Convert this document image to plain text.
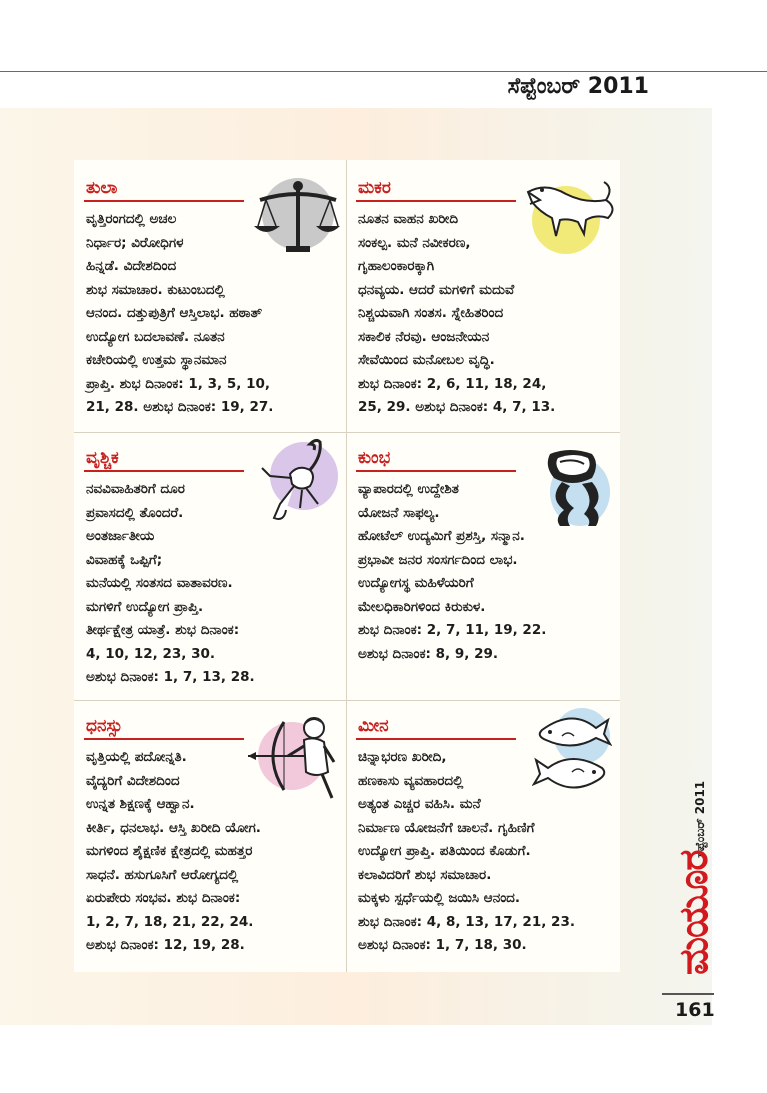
ಸೆಪ್ಟೆಂಬರ್ 2011
ತುಲಾ
ವೃತ್ತಿರಂಗದಲ್ಲಿ ಅಚಲ
ನಿರ್ಧಾರ; ವಿರೋಧಿಗಳ
ಹಿನ್ನಡೆ. ವಿದೇಶದಿಂದ
ಶುಭ ಸಮಾಚಾರ. ಕುಟುಂಬದಲ್ಲಿ
ಆನಂದ. ದತ್ತುಪುತ್ರಿಗೆ ಆಸ್ತಿಲಾಭ. ಹಠಾತ್
ಉದ್ಯೋಗ ಬದಲಾವಣೆ. ನೂತನ
ಕಚೇರಿಯಲ್ಲಿ ಉತ್ತಮ ಸ್ಥಾನಮಾನ
ಪ್ರಾಪ್ತಿ. ಶುಭ ದಿನಾಂಕ: 1, 3, 5, 10,
21, 28. ಅಶುಭ ದಿನಾಂಕ: 19, 27.
ಮಕರ
ನೂತನ ವಾಹನ ಖರೀದಿ
ಸಂಕಲ್ಪ. ಮನೆ ನವೀಕರಣ,
ಗೃಹಾಲಂಕಾರಕ್ಕಾಗಿ
ಧನವ್ಯಯ. ಆದರೆ ಮಗಳಿಗೆ ಮದುವೆ
ನಿಶ್ಚಯವಾಗಿ ಸಂತಸ. ಸ್ನೇಹಿತರಿಂದ
ಸಕಾಲಿಕ ನೆರವು. ಆಂಜನೇಯನ
ಸೇವೆಯಿಂದ ಮನೋಬಲ ವೃದ್ಧಿ.
ಶುಭ ದಿನಾಂಕ: 2, 6, 11, 18, 24,
25, 29. ಅಶುಭ ದಿನಾಂಕ: 4, 7, 13.
ವೃಶ್ಚಿಕ
ನವವಿವಾಹಿತರಿಗೆ ದೂರ
ಪ್ರವಾಸದಲ್ಲಿ ತೊಂದರೆ.
ಅಂತರ್ಜಾತೀಯ
ವಿವಾಹಕ್ಕೆ ಒಪ್ಪಿಗೆ;
ಮನೆಯಲ್ಲಿ ಸಂತಸದ ವಾತಾವರಣ.
ಮಗಳಿಗೆ ಉದ್ಯೋಗ ಪ್ರಾಪ್ತಿ.
ತೀರ್ಥಕ್ಷೇತ್ರ ಯಾತ್ರೆ. ಶುಭ ದಿನಾಂಕ:
4, 10, 12, 23, 30.
ಅಶುಭ ದಿನಾಂಕ: 1, 7, 13, 28.
ಕುಂಭ
ವ್ಯಾಪಾರದಲ್ಲಿ ಉದ್ದೇಶಿತ
ಯೋಜನೆ ಸಾಫಲ್ಯ.
ಹೋಟೆಲ್ ಉದ್ಯಮಿಗೆ ಪ್ರಶಸ್ತಿ, ಸನ್ಮಾನ.
ಪ್ರಭಾವೀ ಜನರ ಸಂಸರ್ಗದಿಂದ ಲಾಭ.
ಉದ್ಯೋಗಸ್ಥ ಮಹಿಳೆಯರಿಗೆ
ಮೇಲಧಿಕಾರಿಗಳಿಂದ ಕಿರುಕುಳ.
ಶುಭ ದಿನಾಂಕ: 2, 7, 11, 19, 22.
ಅಶುಭ ದಿನಾಂಕ: 8, 9, 29.
ಧನಸ್ಸು
ವೃತ್ತಿಯಲ್ಲಿ ಪದೋನ್ನತಿ.
ವೈದ್ಯರಿಗೆ ವಿದೇಶದಿಂದ
ಉನ್ನತ ಶಿಕ್ಷಣಕ್ಕೆ ಆಹ್ವಾನ.
ಕೀರ್ತಿ, ಧನಲಾಭ. ಆಸ್ತಿ ಖರೀದಿ ಯೋಗ.
ಮಗಳಿಂದ ಶೈಕ್ಷಣಿಕ ಕ್ಷೇತ್ರದಲ್ಲಿ ಮಹತ್ತರ
ಸಾಧನೆ. ಹಸುಗೂಸಿಗೆ ಆರೋಗ್ಯದಲ್ಲಿ
ಏರುಪೇರು ಸಂಭವ. ಶುಭ ದಿನಾಂಕ:
1, 2, 7, 18, 21, 22, 24.
ಅಶುಭ ದಿನಾಂಕ: 12, 19, 28.
ಮೀನ
ಚಿನ್ನಾಭರಣ ಖರೀದಿ,
ಹಣಕಾಸು ವ್ಯವಹಾರದಲ್ಲಿ
ಅತ್ಯಂತ ಎಚ್ಚರ ವಹಿಸಿ. ಮನೆ
ನಿರ್ಮಾಣ ಯೋಜನೆಗೆ ಚಾಲನೆ. ಗೃಹಿಣಿಗೆ
ಉದ್ಯೋಗ ಪ್ರಾಪ್ತಿ. ಪತಿಯಿಂದ ಕೊಡುಗೆ.
ಕಲಾವಿದರಿಗೆ ಶುಭ ಸಮಾಚಾರ.
ಮಕ್ಕಳು ಸ್ಪರ್ಧೆಯಲ್ಲಿ ಜಯಿಸಿ ಆನಂದ.
ಶುಭ ದಿನಾಂಕ: 4, 8, 13, 17, 21, 23.
ಅಶುಭ ದಿನಾಂಕ: 1, 7, 18, 30.
ಸೆಪ್ಟೆಂಬರ್ 2011
ಮಯೂರ
161
